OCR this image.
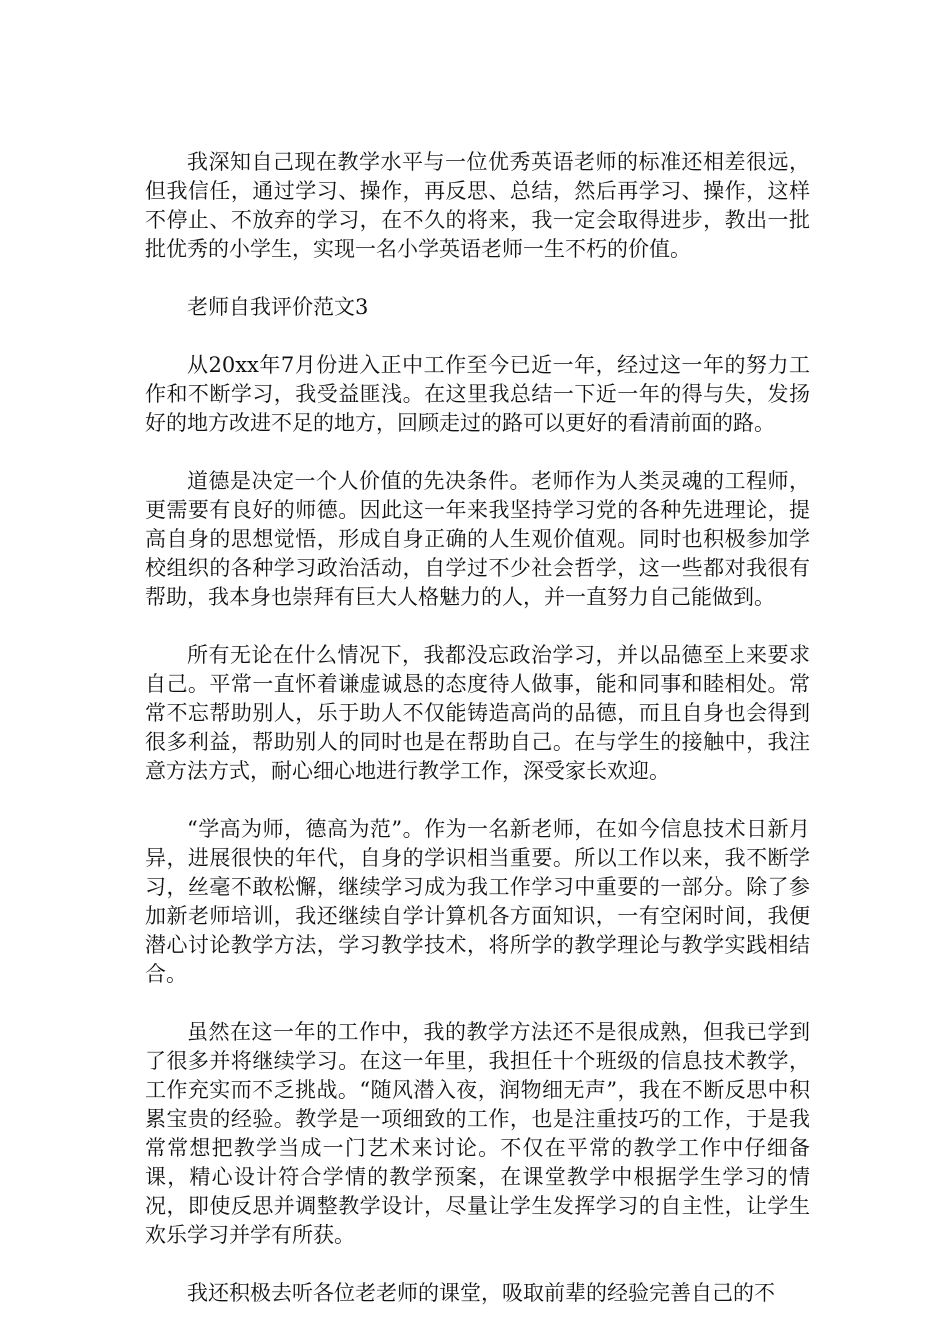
我深知自己现在教学水平与一位优秀英语老师的标准还相差很远，但我信任，通过学习、操作，再反思、总结，然后再学习、操作，这样不停止、不放弃的学习，在不久的将来，我一定会取得进步，教出一批批优秀的小学生，实现一名小学英语老师一生不朽的价值。

老师自我评价范文3

从20xx年7月份进入正中工作至今已近一年，经过这一年的努力工作和不断学习，我受益匪浅。在这里我总结一下近一年的得与失，发扬好的地方改进不足的地方，回顾走过的路可以更好的看清前面的路。

道德是决定一个人价值的先决条件。老师作为人类灵魂的工程师，更需要有良好的师德。因此这一年来我坚持学习党的各种先进理论，提高自身的思想觉悟，形成自身正确的人生观价值观。同时也积极参加学校组织的各种学习政治活动，自学过不少社会哲学，这一些都对我很有帮助，我本身也崇拜有巨大人格魅力的人，并一直努力自己能做到。

所有无论在什么情况下，我都没忘政治学习，并以品德至上来要求自己。平常一直怀着谦虚诚恳的态度待人做事，能和同事和睦相处。常常不忘帮助别人，乐于助人不仅能铸造高尚的品德，而且自身也会得到很多利益，帮助别人的同时也是在帮助自己。在与学生的接触中，我注意方法方式，耐心细心地进行教学工作，深受家长欢迎。

“学高为师，德高为范”。作为一名新老师，在如今信息技术日新月异，进展很快的年代，自身的学识相当重要。所以工作以来，我不断学习，丝毫不敢松懈，继续学习成为我工作学习中重要的一部分。除了参加新老师培训，我还继续自学计算机各方面知识，一有空闲时间，我便潜心讨论教学方法，学习教学技术，将所学的教学理论与教学实践相结合。

虽然在这一年的工作中，我的教学方法还不是很成熟，但我已学到了很多并将继续学习。在这一年里，我担任十个班级的信息技术教学，工作充实而不乏挑战。“随风潜入夜，润物细无声”，我在不断反思中积累宝贵的经验。教学是一项细致的工作，也是注重技巧的工作，于是我常常想把教学当成一门艺术来讨论。不仅在平常的教学工作中仔细备课，精心设计符合学情的教学预案，在课堂教学中根据学生学习的情况，即使反思并调整教学设计，尽量让学生发挥学习的自主性，让学生欢乐学习并学有所获。

我还积极去听各位老老师的课堂，吸取前辈的经验完善自己的不
